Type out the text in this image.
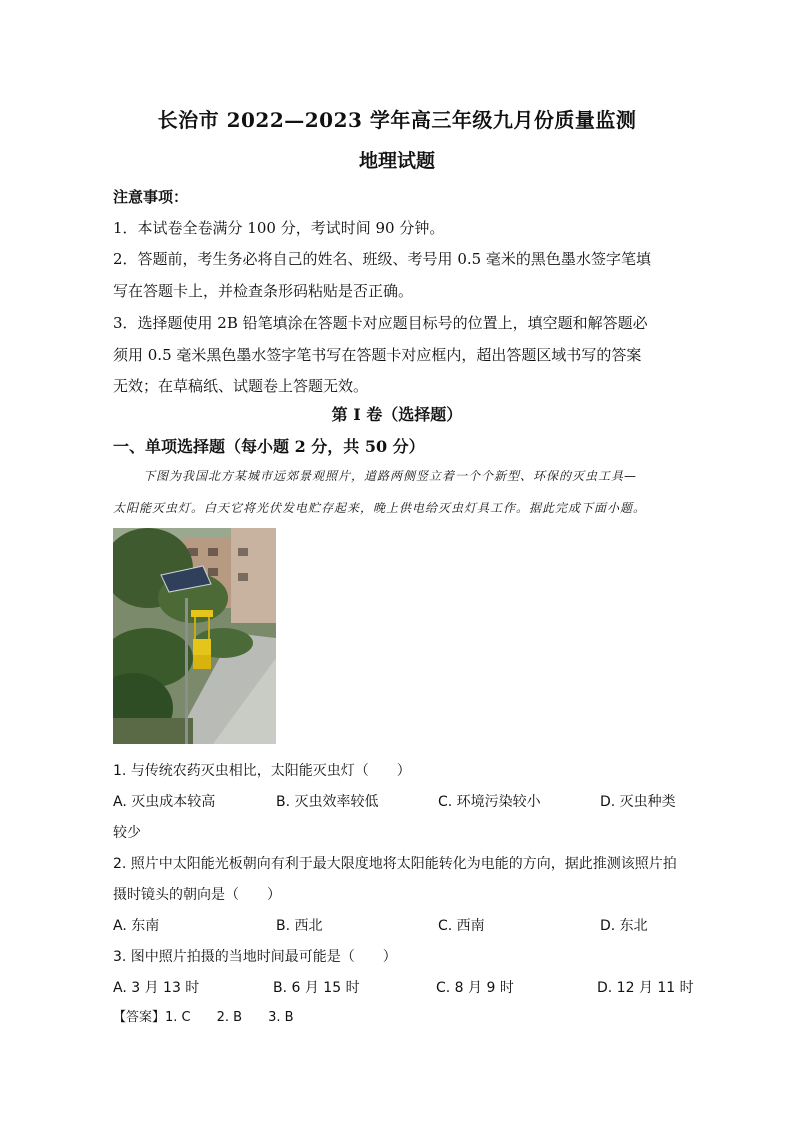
长治市 2022—2023 学年高三年级九月份质量监测
地理试题
注意事项：
1．本试卷全卷满分 100 分，考试时间 90 分钟。
2．答题前，考生务必将自己的姓名、班级、考号用 0.5 毫米的黑色墨水签字笔填
写在答题卡上，并检查条形码粘贴是否正确。
3．选择题使用 2B 铅笔填涂在答题卡对应题目标号的位置上，填空题和解答题必
须用 0.5 毫米黑色墨水签字笔书写在答题卡对应框内，超出答题区域书写的答案
无效；在草稿纸、试题卷上答题无效。
第 I 卷（选择题）
一、单项选择题（每小题 2 分，共 50 分）
下图为我国北方某城市远郊景观照片，道路两侧竖立着一个个新型、环保的灭虫工具—
太阳能灭虫灯。白天它将光伏发电贮存起来，晚上供电给灭虫灯具工作。据此完成下面小题。
1. 与传统农药灭虫相比，太阳能灭虫灯（　　）
A. 灭虫成本较高	B. 灭虫效率较低	C. 环境污染较小	D. 灭虫种类
较少
2. 照片中太阳能光板朝向有利于最大限度地将太阳能转化为电能的方向，据此推测该照片拍
摄时镜头的朝向是（　　）
A. 东南	B. 西北	C. 西南	D. 东北
3. 图中照片拍摄的当地时间最可能是（　　）
A. 3 月 13 时	B. 6 月 15 时	C. 8 月 9 时	D. 12 月 11 时
【答案】1. C　　2. B　　3. B
